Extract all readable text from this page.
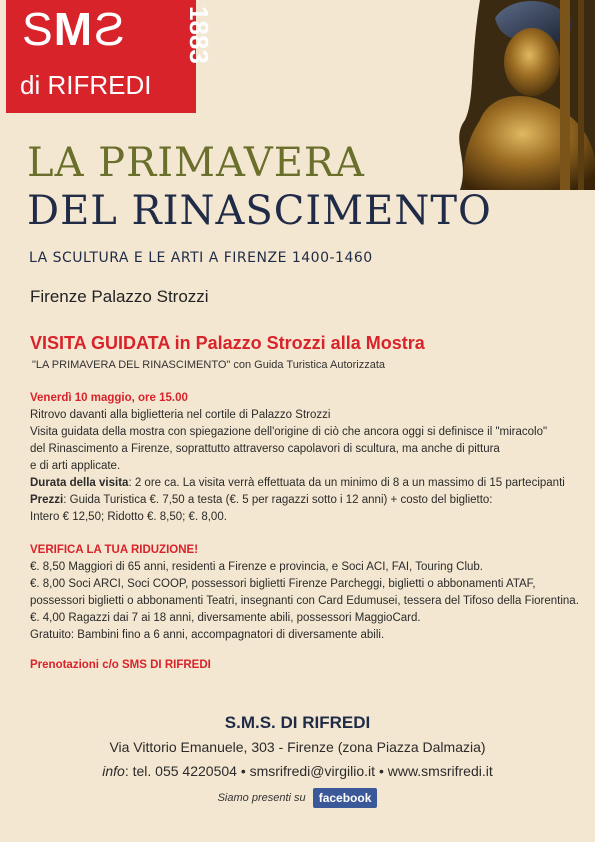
SMS
di RIFREDI
1883
LA PRIMAVERA
DEL RINASCIMENTO
LA SCULTURA E LE ARTI A FIRENZE 1400-1460
Firenze Palazzo Strozzi
VISITA GUIDATA in Palazzo Strozzi alla Mostra
"LA PRIMAVERA DEL RINASCIMENTO" con Guida Turistica Autorizzata
Venerdì 10 maggio, ore 15.00
Ritrovo davanti alla biglietteria nel cortile di Palazzo Strozzi
Visita guidata della mostra con spiegazione dell'origine di ciò che ancora oggi si definisce il "miracolo"
del Rinascimento a Firenze, soprattutto attraverso capolavori di scultura, ma anche di pittura
e di arti applicate.
Durata della visita: 2 ore ca. La visita verrà effettuata da un minimo di 8 a un massimo di 15 partecipanti
Prezzi: Guida Turistica €. 7,50 a testa (€. 5 per ragazzi sotto i 12 anni) + costo del biglietto:
Intero € 12,50; Ridotto €. 8,50; €. 8,00.
VERIFICA LA TUA RIDUZIONE!
€. 8,50 Maggiori di 65 anni, residenti a Firenze e provincia, e Soci ACI, FAI, Touring Club.
€. 8,00 Soci ARCI, Soci COOP, possessori biglietti Firenze Parcheggi, biglietti o abbonamenti ATAF,
possessori biglietti o abbonamenti Teatri, insegnanti con Card Edumusei, tessera del Tifoso della Fiorentina.
€. 4,00 Ragazzi dai 7 ai 18 anni, diversamente abili, possessori MaggioCard.
Gratuito: Bambini fino a 6 anni, accompagnatori di diversamente abili.
Prenotazioni c/o SMS DI RIFREDI
S.M.S. DI RIFREDI
Via Vittorio Emanuele, 303 - Firenze (zona Piazza Dalmazia)
info: tel. 055 4220504 • smsrifredi@virgilio.it • www.smsrifredi.it
Siamo presenti su facebook
